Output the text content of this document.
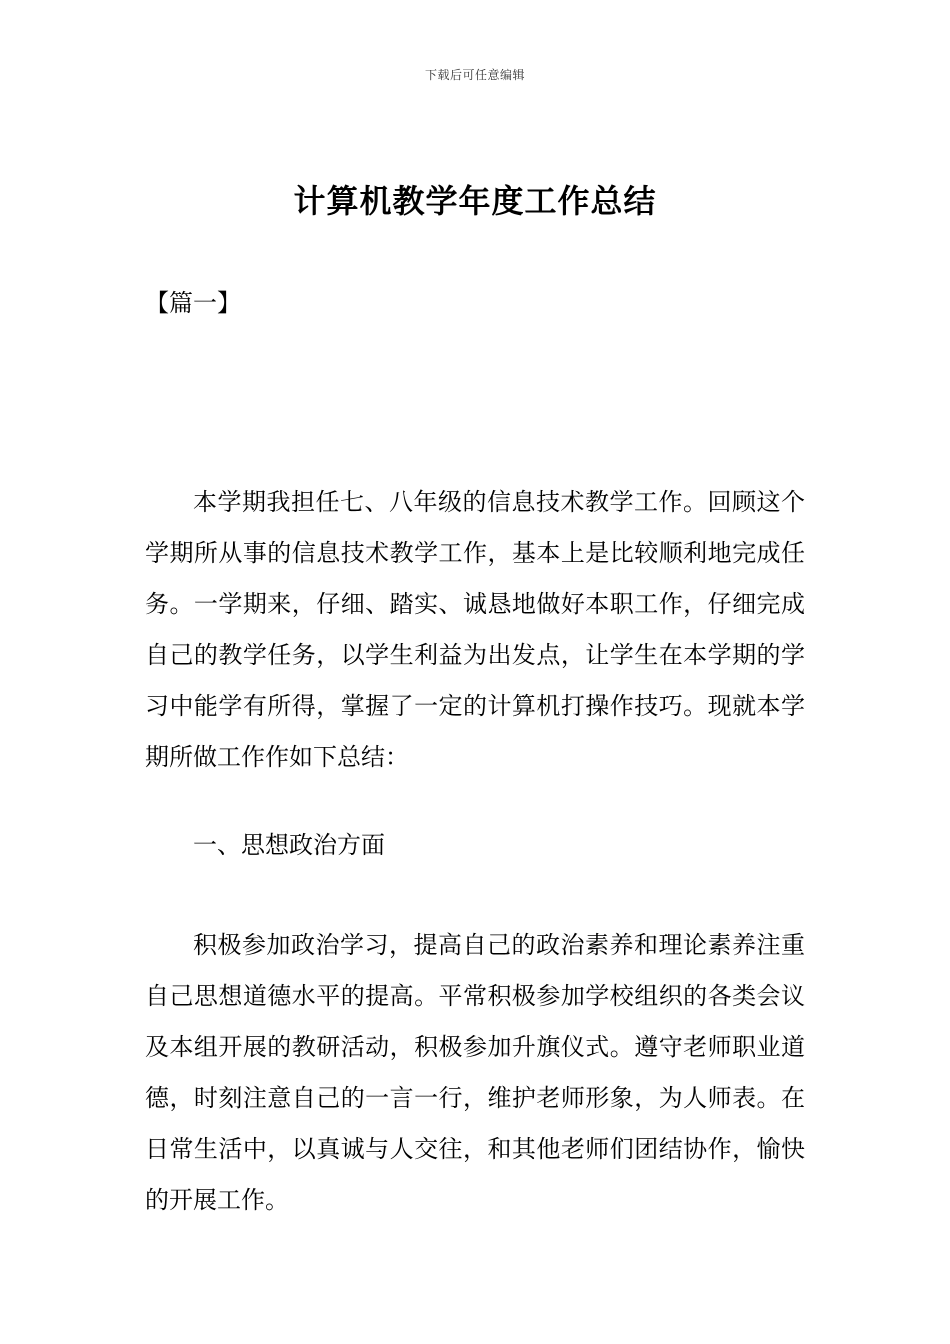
下载后可任意编辑
计算机教学年度工作总结
【篇一】

本学期我担任七、八年级的信息技术教学工作。回顾这个学期所从事的信息技术教学工作，基本上是比较顺利地完成任务。一学期来，仔细、踏实、诚恳地做好本职工作，仔细完成自己的教学任务，以学生利益为出发点，让学生在本学期的学习中能学有所得，掌握了一定的计算机打操作技巧。现就本学期所做工作作如下总结：

一、思想政治方面

积极参加政治学习，提高自己的政治素养和理论素养注重自己思想道德水平的提高。平常积极参加学校组织的各类会议及本组开展的教研活动，积极参加升旗仪式。遵守老师职业道德，时刻注意自己的一言一行，维护老师形象，为人师表。在日常生活中，以真诚与人交往，和其他老师们团结协作，愉快的开展工作。
